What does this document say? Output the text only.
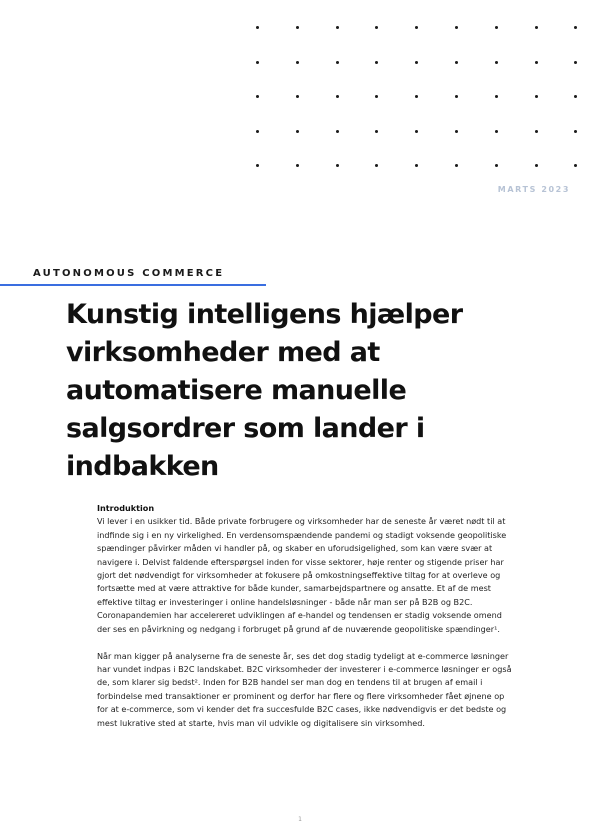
MARTS 2023
AUTONOMOUS COMMERCE
Kunstig intelligens hjælper virksomheder med at automatisere manuelle salgsordrer som lander i indbakken
Introduktion

Vi lever i en usikker tid. Både private forbrugere og virksomheder har de seneste år været nødt til at indfinde sig i en ny virkelighed. En verdensomspændende pandemi og stadigt voksende geopolitiske spændinger påvirker måden vi handler på, og skaber en uforudsigelighed, som kan være svær at navigere i. Delvist faldende efterspørgsel inden for visse sektorer, høje renter og stigende priser har gjort det nødvendigt for virksomheder at fokusere på omkostningseffektive tiltag for at overleve og fortsætte med at være attraktive for både kunder, samarbejdspartnere og ansatte. Et af de mest effektive tiltag er investeringer i online handelsløsninger - både når man ser på B2B og B2C. Coronapandemien har accelereret udviklingen af e-handel og tendensen er stadig voksende omend der ses en påvirkning og nedgang i forbruget på grund af de nuværende geopolitiske spændinger¹.

Når man kigger på analyserne fra de seneste år, ses det dog stadig tydeligt at e-commerce løsninger har vundet indpas i B2C landskabet. B2C virksomheder der investerer i e-commerce løsninger er også de, som klarer sig bedst². Inden for B2B handel ser man dog en tendens til at brugen af email i forbindelse med transaktioner er prominent og derfor har flere og flere virksomheder fået øjnene op for at e-commerce, som vi kender det fra succesfulde B2C cases, ikke nødvendigvis er det bedste og mest lukrative sted at starte, hvis man vil udvikle og digitalisere sin virksomhed.

1
